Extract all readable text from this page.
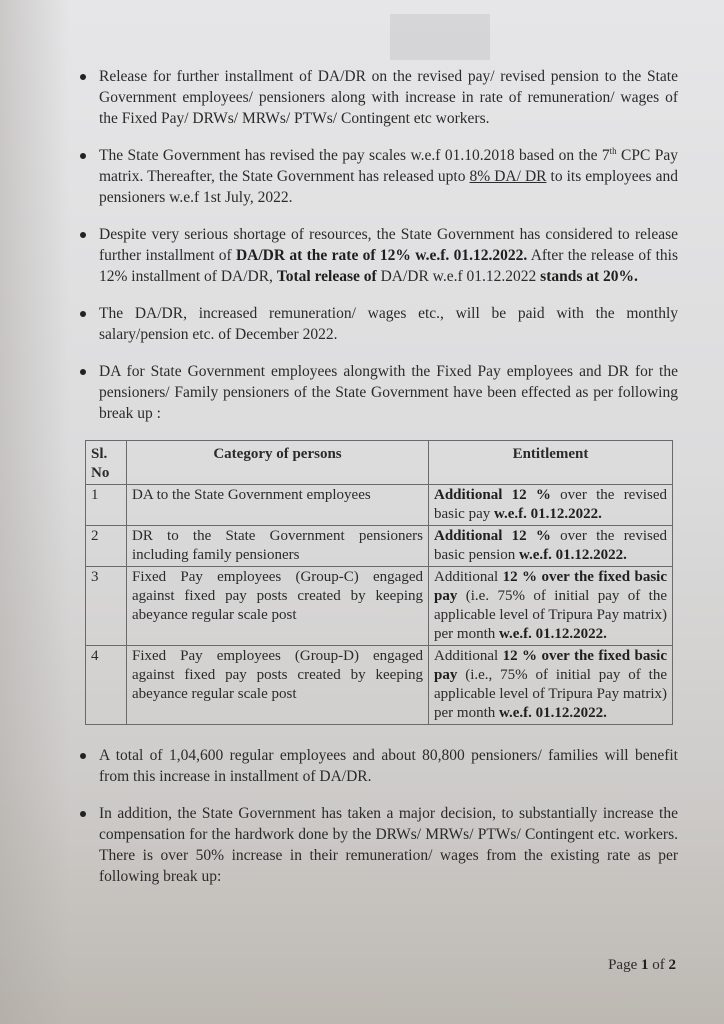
Release for further installment of DA/DR on the revised pay/ revised pension to the State Government employees/ pensioners along with increase in rate of remuneration/ wages of the Fixed Pay/ DRWs/ MRWs/ PTWs/ Contingent etc workers.

The State Government has revised the pay scales w.e.f 01.10.2018 based on the 7th CPC Pay matrix. Thereafter, the State Government has released upto 8% DA/ DR to its employees and pensioners w.e.f 1st July, 2022.

Despite very serious shortage of resources, the State Government has considered to release further installment of DA/DR at the rate of 12% w.e.f. 01.12.2022. After the release of this 12% installment of DA/DR, Total release of DA/DR w.e.f 01.12.2022 stands at 20%.

The DA/DR, increased remuneration/ wages etc., will be paid with the monthly salary/pension etc. of December 2022.

DA for State Government employees alongwith the Fixed Pay employees and DR for the pensioners/ Family pensioners of the State Government have been effected as per following break up :

Sl. No	Category of persons	Entitlement
1	DA to the State Government employees	Additional 12 % over the revised basic pay w.e.f. 01.12.2022.
2	DR to the State Government pensioners including family pensioners	Additional 12 % over the revised basic pension w.e.f. 01.12.2022.
3	Fixed Pay employees (Group-C) engaged against fixed pay posts created by keeping abeyance regular scale post	Additional 12 % over the fixed basic pay (i.e. 75% of initial pay of the applicable level of Tripura Pay matrix) per month w.e.f. 01.12.2022.
4	Fixed Pay employees (Group-D) engaged against fixed pay posts created by keeping abeyance regular scale post	Additional 12 % over the fixed basic pay (i.e., 75% of initial pay of the applicable level of Tripura Pay matrix) per month w.e.f. 01.12.2022.

A total of 1,04,600 regular employees and about 80,800 pensioners/ families will benefit from this increase in installment of DA/DR.

In addition, the State Government has taken a major decision, to substantially increase the compensation for the hardwork done by the DRWs/ MRWs/ PTWs/ Contingent etc. workers. There is over 50% increase in their remuneration/ wages from the existing rate as per following break up:

Page 1 of 2
